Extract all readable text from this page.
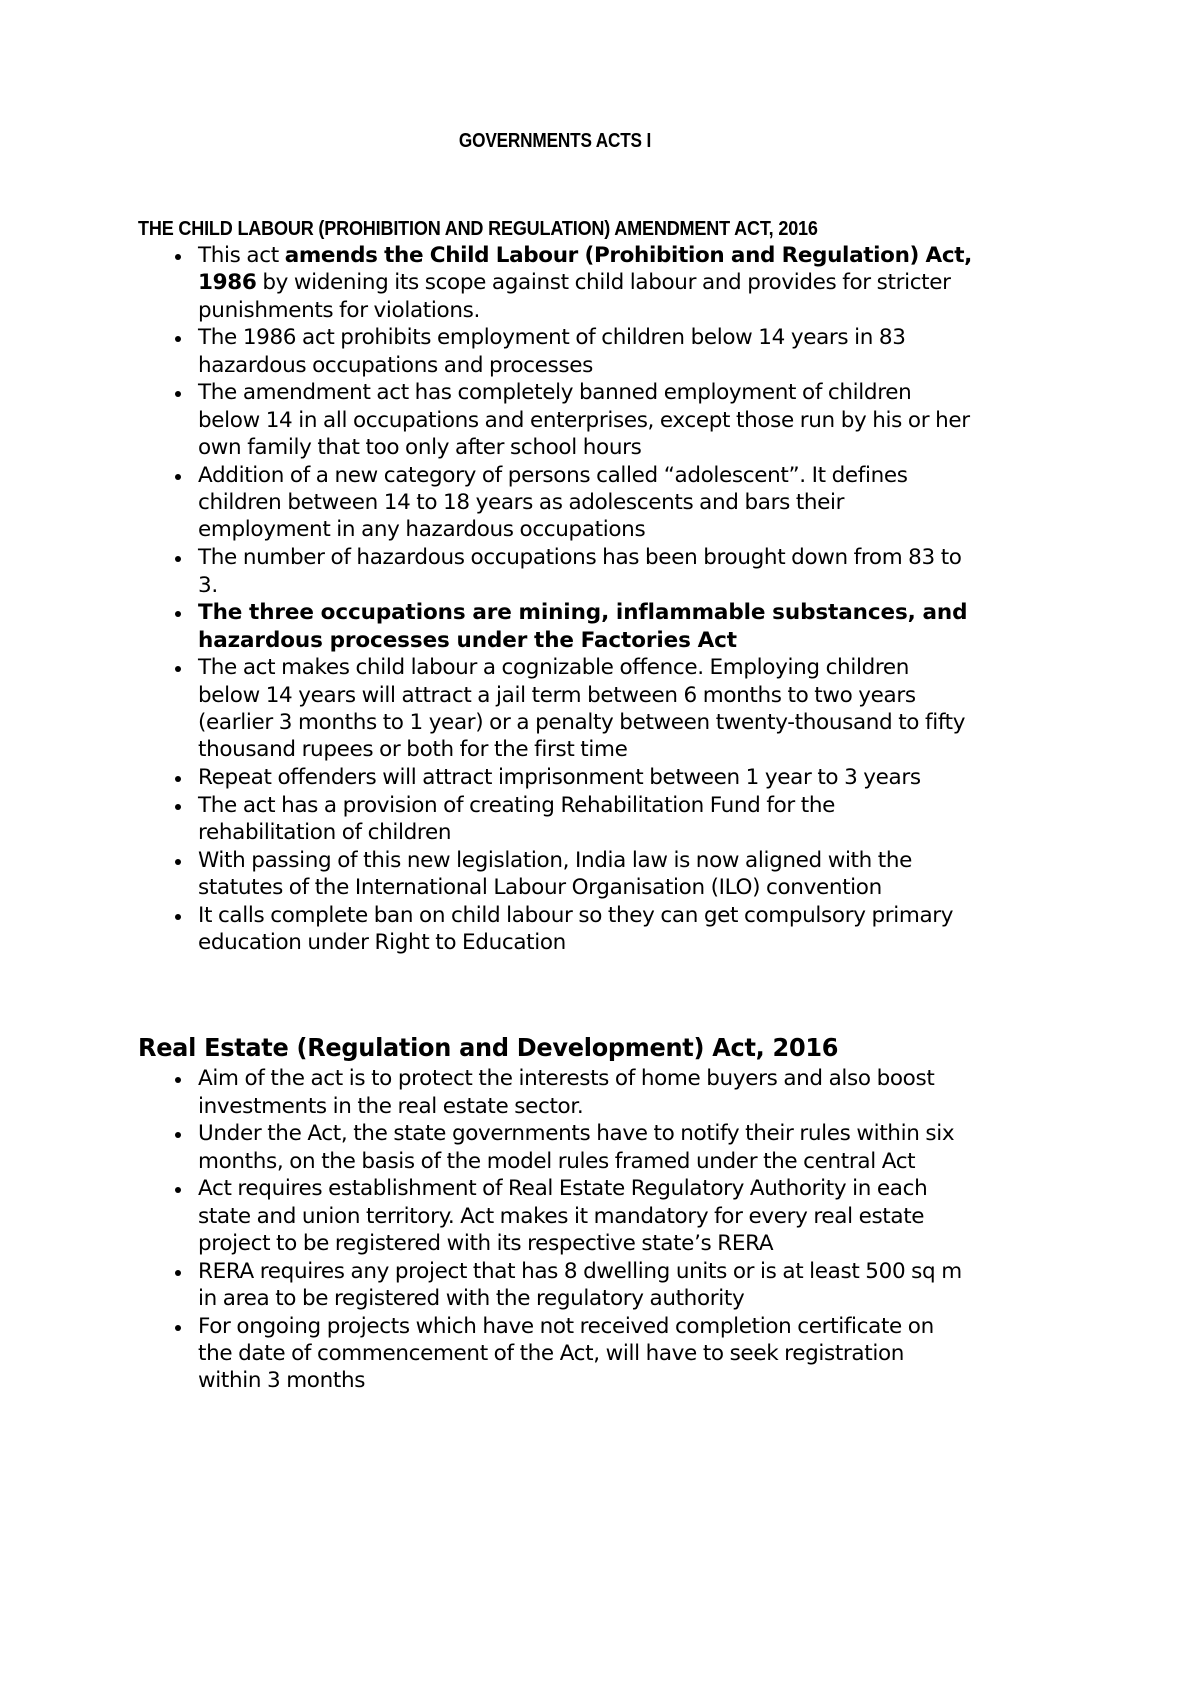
GOVERNMENTS ACTS I
THE CHILD LABOUR (PROHIBITION AND REGULATION) AMENDMENT ACT, 2016
This act amends the Child Labour (Prohibition and Regulation) Act, 1986 by widening its scope against child labour and provides for stricter punishments for violations.
The 1986 act prohibits employment of children below 14 years in 83 hazardous occupations and processes
The amendment act has completely banned employment of children below 14 in all occupations and enterprises, except those run by his or her own family that too only after school hours
Addition of a new category of persons called “adolescent”. It defines children between 14 to 18 years as adolescents and bars their employment in any hazardous occupations
The number of hazardous occupations has been brought down from 83 to 3.
The three occupations are mining, inflammable substances, and hazardous processes under the Factories Act
The act makes child labour a cognizable offence. Employing children below 14 years will attract a jail term between 6 months to two years (earlier 3 months to 1 year) or a penalty between twenty-thousand to fifty thousand rupees or both for the first time
Repeat offenders will attract imprisonment between 1 year to 3 years
The act has a provision of creating Rehabilitation Fund for the rehabilitation of children
With passing of this new legislation, India law is now aligned with the statutes of the International Labour Organisation (ILO) convention
It calls complete ban on child labour so they can get compulsory primary education under Right to Education
Real Estate (Regulation and Development) Act, 2016
Aim of the act is to protect the interests of home buyers and also boost investments in the real estate sector.
Under the Act, the state governments have to notify their rules within six months, on the basis of the model rules framed under the central Act
Act requires establishment of Real Estate Regulatory Authority in each state and union territory. Act makes it mandatory for every real estate project to be registered with its respective state’s RERA
RERA requires any project that has 8 dwelling units or is at least 500 sq m in area to be registered with the regulatory authority
For ongoing projects which have not received completion certificate on the date of commencement of the Act, will have to seek registration within 3 months
